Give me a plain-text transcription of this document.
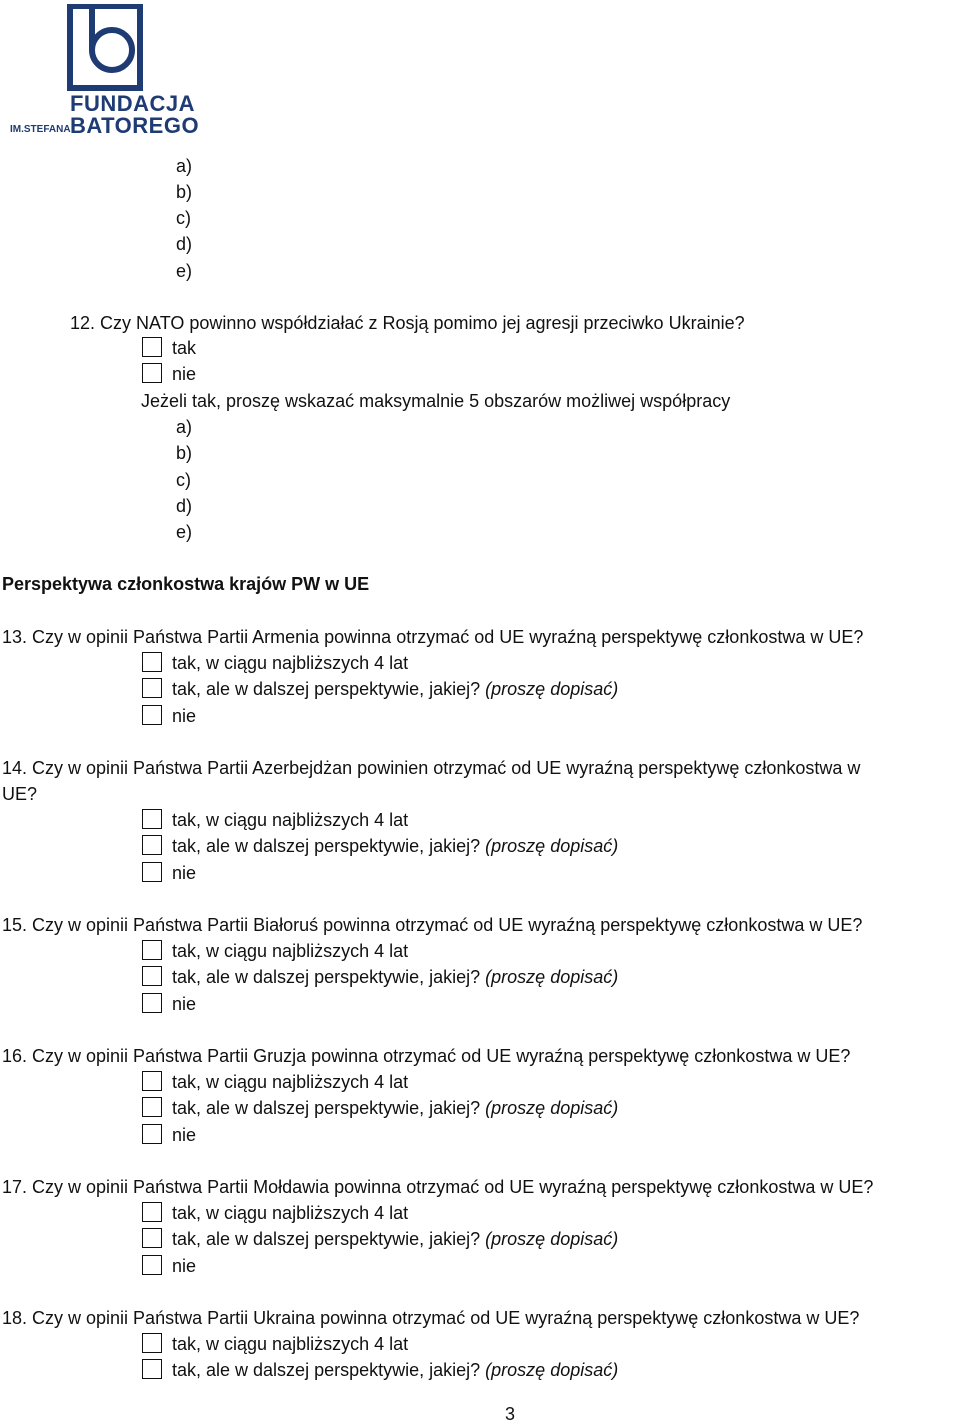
FUNDACJA
IM.STEFANA BATOREGO
a)
b)
c)
d)
e)
12. Czy NATO powinno współdziałać z Rosją pomimo jej agresji przeciwko Ukrainie?
tak
nie
Jeżeli tak, proszę wskazać maksymalnie 5 obszarów możliwej współpracy
a)
b)
c)
d)
e)
Perspektywa członkostwa krajów PW w UE
13. Czy w opinii Państwa Partii Armenia powinna otrzymać od UE wyraźną perspektywę członkostwa w UE?
tak, w ciągu najbliższych 4 lat
tak, ale w dalszej perspektywie, jakiej? (proszę dopisać)
nie
14. Czy w opinii Państwa Partii Azerbejdżan powinien otrzymać od UE wyraźną perspektywę członkostwa w
UE?
tak, w ciągu najbliższych 4 lat
tak, ale w dalszej perspektywie, jakiej? (proszę dopisać)
nie
15. Czy w opinii Państwa Partii Białoruś powinna otrzymać od UE wyraźną perspektywę członkostwa w UE?
tak, w ciągu najbliższych 4 lat
tak, ale w dalszej perspektywie, jakiej? (proszę dopisać)
nie
16. Czy w opinii Państwa Partii Gruzja powinna otrzymać od UE wyraźną perspektywę członkostwa w UE?
tak, w ciągu najbliższych 4 lat
tak, ale w dalszej perspektywie, jakiej? (proszę dopisać)
nie
17. Czy w opinii Państwa Partii Mołdawia powinna otrzymać od UE wyraźną perspektywę członkostwa w UE?
tak, w ciągu najbliższych 4 lat
tak, ale w dalszej perspektywie, jakiej? (proszę dopisać)
nie
18. Czy w opinii Państwa Partii Ukraina powinna otrzymać od UE wyraźną perspektywę członkostwa w UE?
tak, w ciągu najbliższych 4 lat
tak, ale w dalszej perspektywie, jakiej? (proszę dopisać)
3
